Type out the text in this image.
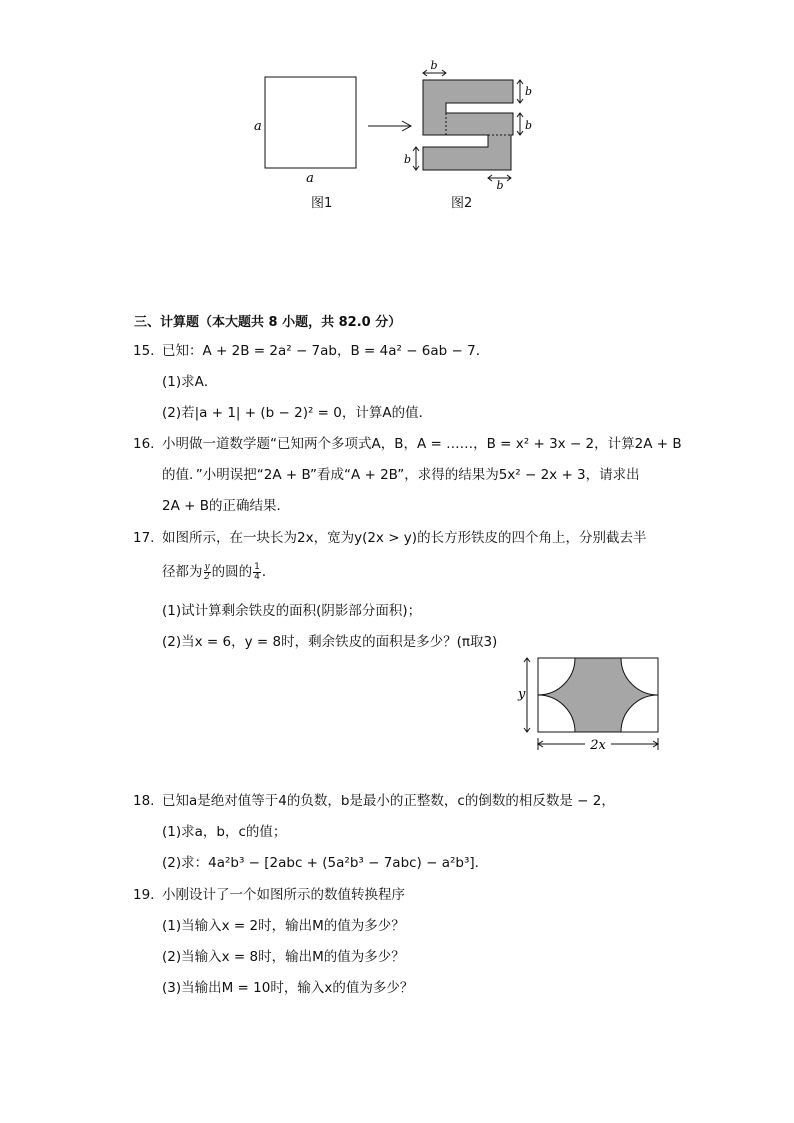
a
a
图1
b
b
b
b
b
图2
三、计算题（本大题共 8 小题，共 82.0 分）
15. 已知：A + 2B = 2a² − 7ab，B = 4a² − 6ab − 7．
(1)求A．
(2)若|a + 1| + (b − 2)² = 0，计算A的值．
16. 小明做一道数学题“已知两个多项式A，B，A = ……，B = x² + 3x − 2，计算2A + B
的值．”小明误把“2A + B”看成“A + 2B”，求得的结果为5x² − 2x + 3，请求出
2A + B的正确结果．
17. 如图所示，在一块长为2x，宽为y(2x > y)的长方形铁皮的四个角上，分别截去半
径都为 $\frac{y}{2}$ 的圆的 $\frac{1}{4}$ ．
(1)试计算剩余铁皮的面积(阴影部分面积)；
(2)当x = 6，y = 8时，剩余铁皮的面积是多少？(π取3)
y
2x
18. 已知a是绝对值等于4的负数，b是最小的正整数，c的倒数的相反数是 − 2，
(1)求a，b，c的值；
(2)求：4a²b³ − [2abc + (5a²b³ − 7abc) − a²b³]．
19. 小刚设计了一个如图所示的数值转换程序
(1)当输入x = 2时，输出M的值为多少？
(2)当输入x = 8时，输出M的值为多少？
(3)当输出M = 10时，输入x的值为多少？
